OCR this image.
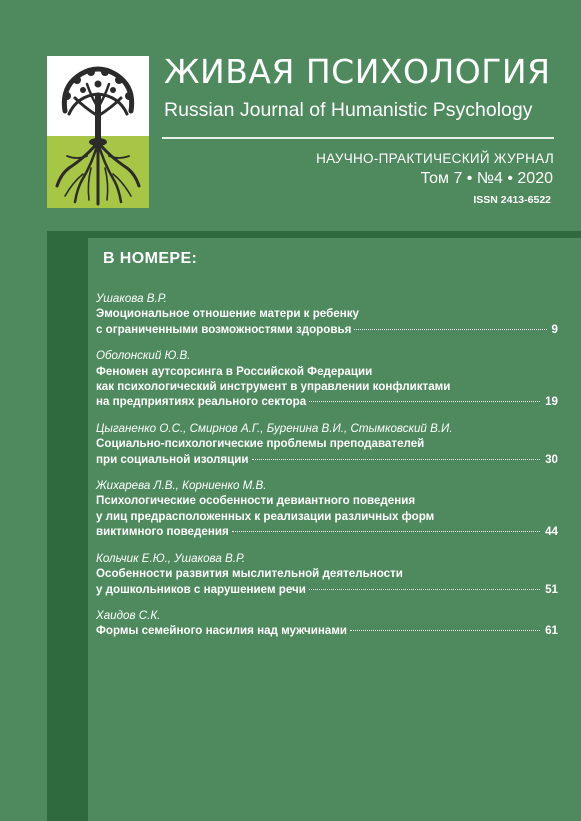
ЖИВАЯ ПСИХОЛОГИЯ
Russian Journal of Humanistic Psychology
НАУЧНО-ПРАКТИЧЕСКИЙ ЖУРНАЛ
Том 7 • №4 • 2020
ISSN 2413-6522
В НОМЕРЕ:
Ушакова В.Р.
Эмоциональное отношение матери к ребенку
с ограниченными возможностями здоровья	9
Оболонский Ю.В.
Феномен аутсорсинга в Российской Федерации
как психологический инструмент в управлении конфликтами
на предприятиях реального сектора	19
Цыганенко О.С., Смирнов А.Г., Буренина В.И., Стымковский В.И.
Социально-психологические проблемы преподавателей
при социальной изоляции	30
Жихарева Л.В., Корниенко М.В.
Психологические особенности девиантного поведения
у лиц предрасположенных к реализации различных форм
виктимного поведения	44
Кольчик Е.Ю., Ушакова В.Р.
Особенности развития мыслительной деятельности
у дошкольников с нарушением речи	51
Хаидов С.К.
Формы семейного насилия над мужчинами	61
